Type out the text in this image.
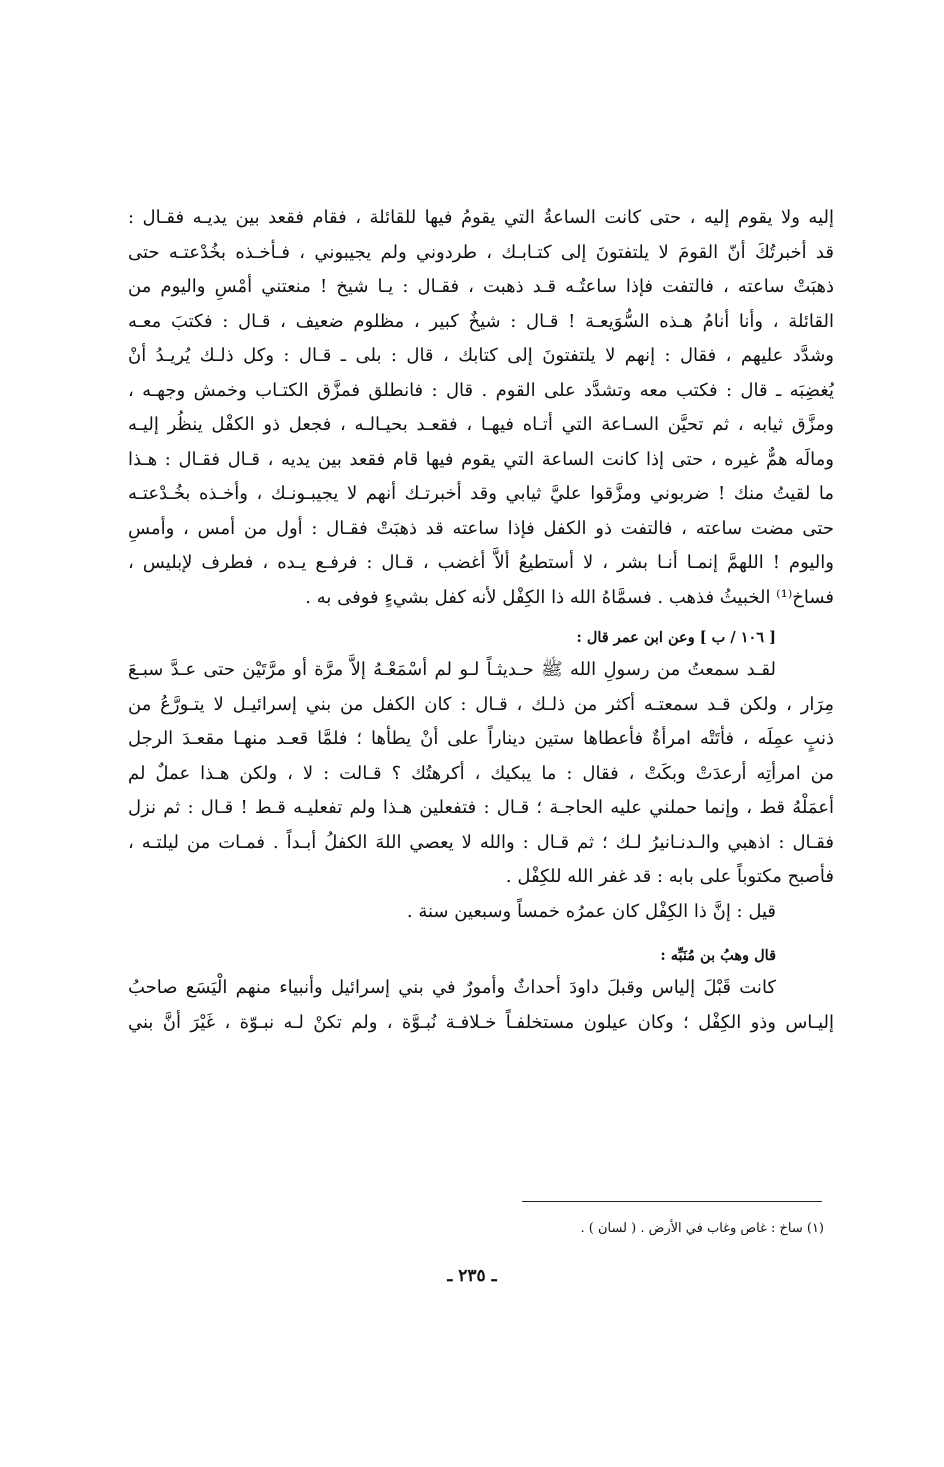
إليه ولا يقوم إليه ، حتى كانت الساعةُ التي يقومُ فيها للقائلة ، فقام فقعد بين يديـه فقـال :
قد أخبرتُكَ أنّ القومَ لا يلتفتونَ إلى كتـابـك ، طردوني ولم يجيبوني ، فـأخـذه بخُدْعتـه حتى
ذهبَتْ ساعته ، فالتفت فإذا ساعتُـه قـد ذهبت ، فقـال : يـا شيخ ! منعتني أمْسِ واليوم من
القائلة ، وأنا أنامُ هـذه السُّوَيعـة ! قـال : شيخٌ كبير ، مظلوم ضعيف ، قـال : فكتبَ معـه
وشدَّد عليهم ، فقال : إنهم لا يلتفتونَ إلى كتابك ، قال : بلى ـ قـال : وكل ذلـك يُريـدُ أنْ
يُغضِبَه ـ قال : فكتب معه وتشدَّد على القوم . قال : فانطلق فمزَّق الكتـاب وخمش وجهـه ،
ومزَّق ثيابه ، ثم تحيَّن السـاعة التي أتـاه فيهـا ، فقعـد بحيـالـه ، فجعل ذو الكفْل ينظُر إليـه
ومالَه همٌّ غيره ، حتى إذا كانت الساعة التي يقوم فيها قام فقعد بين يديه ، قـال فقـال : هـذا
ما لقيتُ منك ! ضربوني ومزَّقوا عليَّ ثيابي وقد أخبرتـك أنهم لا يجيبـونـك ، وأخـذه بخُـدْعتـه
حتى مضت ساعته ، فالتفت ذو الكفل فإذا ساعته قد ذهبَتْ فقـال : أول من أمس ، وأمسِ
واليوم ! اللهمَّ إنمـا أنـا بشر ، لا أستطيعُ ألاَّ أغضب ، قـال : فرفـع يـده ، فطرف لإبليس ،
فساخ⁽¹⁾ الخبيثُ فذهب . فسمَّاهُ الله ذا الكِفْل لأنه كفل بشيءٍ فوفى به .
[ ١٠٦ / ب ] وعن ابن عمر قال :
لقـد سمعتُ من رسولِ الله ﷺ حـديثـاً لـو لم أسْمَعْـهُ إلاَّ مرَّة أو مرَّتَيْن حتى عـدَّ سبـعَ
مِرَار ، ولكن قـد سمعتـه أكثر من ذلـك ، قـال : كان الكفل من بني إسرائيـل لا يتـورَّعُ من
ذنبٍ عمِلَه ، فأتَتْه امرأةٌ فأعطاها ستين ديناراً على أنْ يطأها ؛ فلمَّا قعـد منهـا مقعـدَ الرجل
من امرأتِه أرعدَتْ وبكَتْ ، فقال : ما يبكيك ، أكرهتُك ؟ قـالت : لا ، ولكن هـذا عملٌ لم
أعمَلْهُ قط ، وإنما حملني عليه الحاجـة ؛ قـال : فتفعلين هـذا ولم تفعليـه قـط ! قـال : ثم نزل
فقـال : اذهبي والـدنـانيرُ لـك ؛ ثم قـال : والله لا يعصي اللهَ الكفلُ أبـداً . فمـات من ليلتـه ،
فأصبح مكتوباً على بابه : قد غفر الله للكِفْل .
قيل : إنَّ ذا الكِفْل كان عمرُه خمساً وسبعين سنة .
قال وهبُ بن مُنَبِّه :
كانت قَبْلَ إلياس وقبلَ داودَ أحداثٌ وأمورٌ في بني إسرائيل وأنبياء منهم الْيَسَع صاحبُ
إليـاس وذو الكِفْل ؛ وكان عيلون مستخلفـاً خـلافـة نُبـوَّة ، ولم تكنْ لـه نبـوّة ، غَيْرَ أنَّ بني
(١) ساخ : غاص وغاب في الأرض . ( لسان ) .
ـ ٢٣٥ ـ
